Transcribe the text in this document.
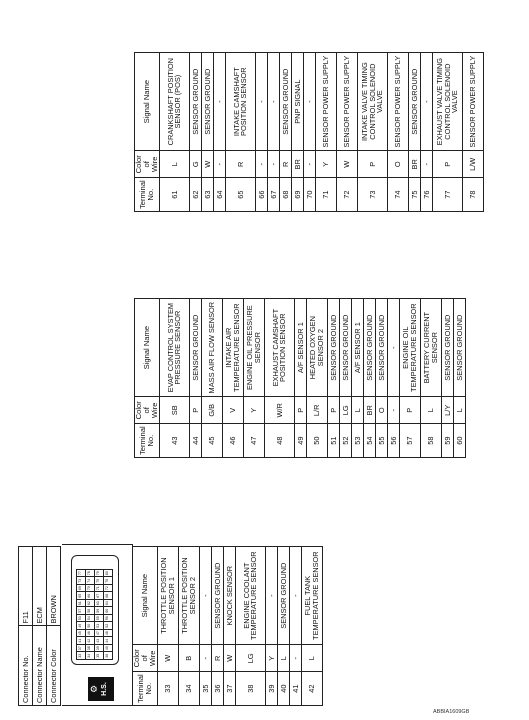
Connector No.	F11
Connector Name	ECM
Connector Color	BROWN
⚙ H.S.
33	37	41	45	49	53	57	61	65	69	73	77
34	38	42	46	50	54	58	62	66	70	74	78
35	39	43	47	51	55	59	63	67	71	75	79
36	40	44	48	52	56	60	64	68	72	76	80
Terminal No.	Color of Wire	Signal Name
33	W	THROTTLE POSITION SENSOR 1
34	B	THROTTLE POSITION SENSOR 2
35	-	-
36	R	SENSOR GROUND
37	W	KNOCK SENSOR
38	LG	ENGINE COOLANT TEMPERATURE SENSOR
39	Y	-
40	L	SENSOR GROUND
41	-	-
42	L	FUEL TANK TEMPERATURE SENSOR
Terminal No.	Color of Wire	Signal Name
43	SB	EVAP CONTROL SYSTEM PRESSURE SENSOR
44	P	SENSOR GROUND
45	G/B	MASS AIR FLOW SENSOR
46	V	INTAKE AIR TEMPERATURE SENSOR
47	Y	ENGINE OIL PRESSURE SENSOR
48	W/R	EXHAUST CAMSHAFT POSITION SENSOR
49	P	A/F SENSOR 1
50	L/R	HEATED OXYGEN SENSOR 2
51	P	SENSOR GROUND
52	LG	SENSOR GROUND
53	L	A/F SENSOR 1
54	BR	SENSOR GROUND
55	O	SENSOR GROUND
56	-	-
57	P	ENGINE OIL TEMPERATURE SENSOR
58	L	BATTERY CURRENT SENSOR
59	L/Y	SENSOR GROUND
60	L	SENSOR GROUND
Terminal No.	Color of Wire	Signal Name
61	L	CRANKSHAFT POSITION SENSOR (POS)
62	G	SENSOR GROUND
63	W	SENSOR GROUND
64	-	-
65	R	INTAKE CAMSHAFT POSITION SENSOR
66	-	-
67	-	-
68	R	SENSOR GROUND
69	BR	PNP SIGNAL
70	-	-
71	Y	SENSOR POWER SUPPLY
72	W	SENSOR POWER SUPPLY
73	P	INTAKE VALVE TIMING CONTROL SOLENOID VALVE
74	O	SENSOR POWER SUPPLY
75	BR	SENSOR GROUND
76	-	-
77	P	EXHAUST VALVE TIMING CONTROL SOLENOID VALVE
78	L/W	SENSOR POWER SUPPLY
ABBIA1609GB
